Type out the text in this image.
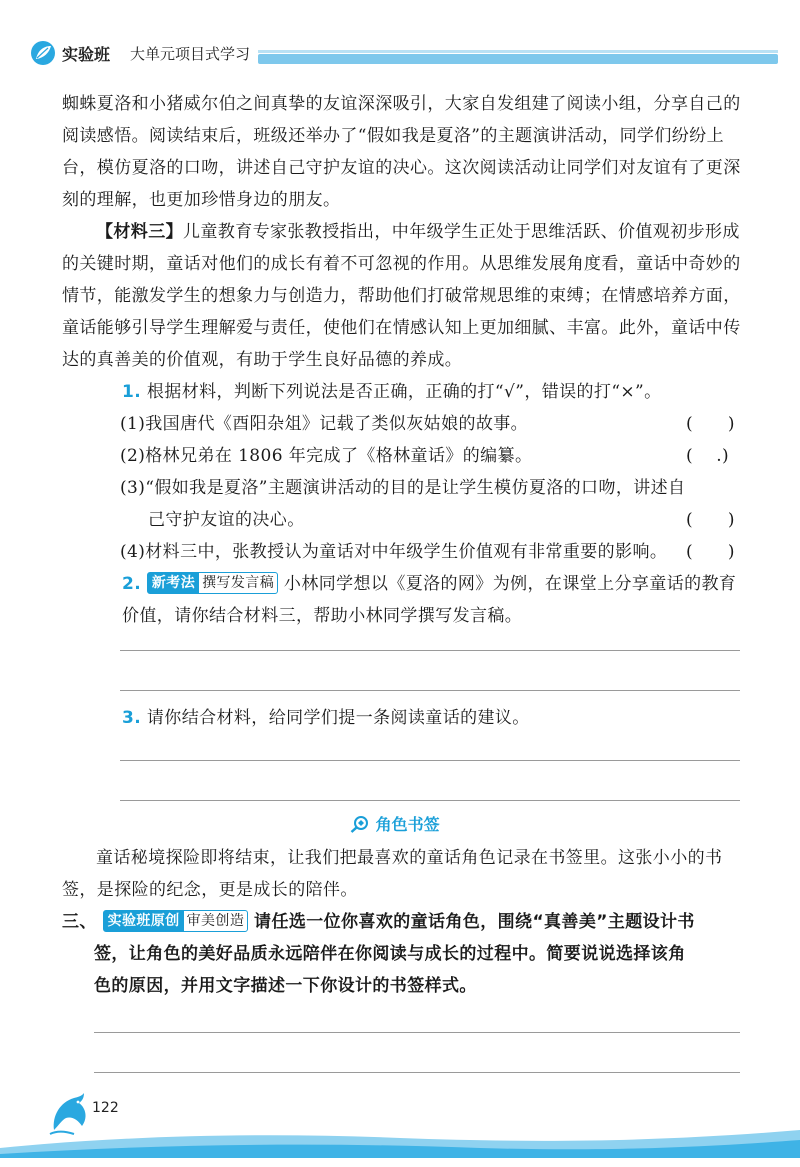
实验班 大单元项目式学习

蜘蛛夏洛和小猪威尔伯之间真挚的友谊深深吸引，大家自发组建了阅读小组，分享自己的阅读感悟。阅读结束后，班级还举办了“假如我是夏洛”的主题演讲活动，同学们纷纷上台，模仿夏洛的口吻，讲述自己守护友谊的决心。这次阅读活动让同学们对友谊有了更深刻的理解，也更加珍惜身边的朋友。

【材料三】儿童教育专家张教授指出，中年级学生正处于思维活跃、价值观初步形成的关键时期，童话对他们的成长有着不可忽视的作用。从思维发展角度看，童话中奇妙的情节，能激发学生的想象力与创造力，帮助他们打破常规思维的束缚；在情感培养方面，童话能够引导学生理解爱与责任，使他们在情感认知上更加细腻、丰富。此外，童话中传达的真善美的价值观，有助于学生良好品德的养成。

1. 根据材料，判断下列说法是否正确，正确的打“√”，错误的打“×”。
(1)我国唐代《酉阳杂俎》记载了类似灰姑娘的故事。	(　　)
(2)格林兄弟在 1806 年完成了《格林童话》的编纂。	(　 .)
(3)“假如我是夏洛”主题演讲活动的目的是让学生模仿夏洛的口吻，讲述自
己守护友谊的决心。	(　　)
(4)材料三中，张教授认为童话对中年级学生价值观有非常重要的影响。 (　　)
2. 新考法 撰写发言稿 小林同学想以《夏洛的网》为例，在课堂上分享童话的教育
价值，请你结合材料三，帮助小林同学撰写发言稿。
3. 请你结合材料，给同学们提一条阅读童话的建议。
角色书签

童话秘境探险即将结束，让我们把最喜欢的童话角色记录在书签里。这张小小的书签，是探险的纪念，更是成长的陪伴。

三、 实验班原创 审美创造 请任选一位你喜欢的童话角色，围绕“真善美”主题设计书
签，让角色的美好品质永远陪伴在你阅读与成长的过程中。简要说说选择该角
色的原因，并用文字描述一下你设计的书签样式。
122
